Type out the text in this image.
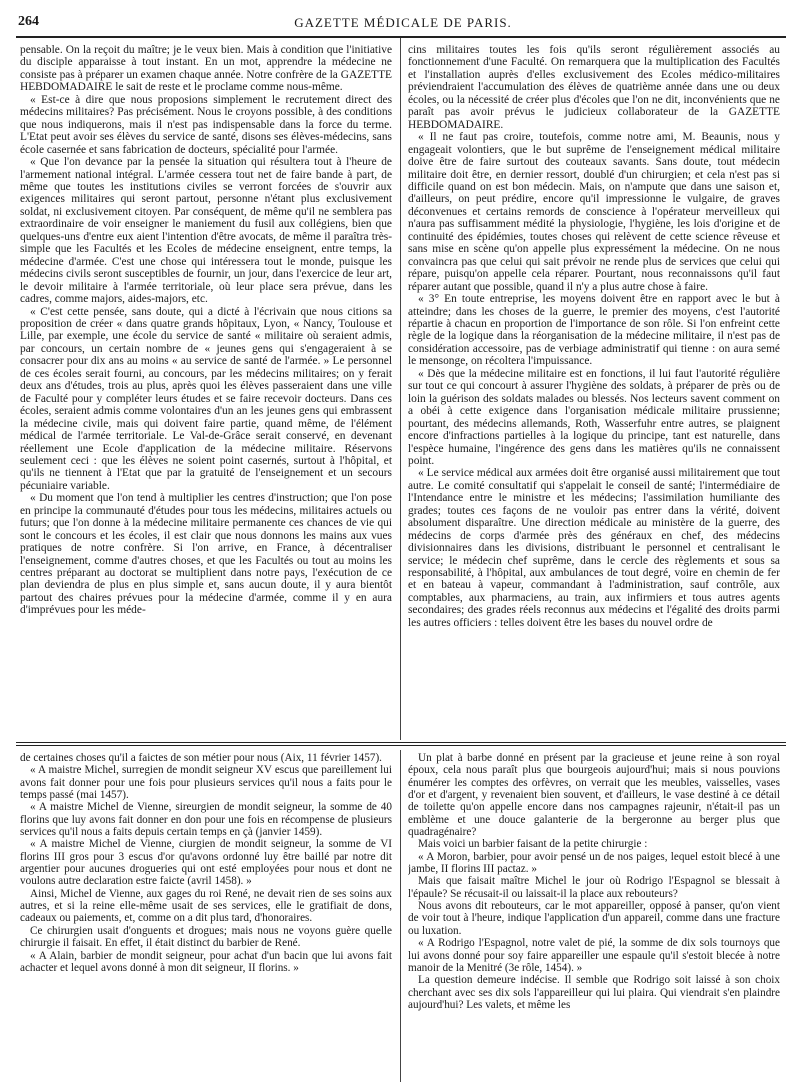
264	GAZETTE MÉDICALE DE PARIS.

pensable. On la reçoit du maître; je le veux bien. Mais à condition que l'initiative du disciple apparaisse à tout instant. En un mot, apprendre la médecine ne consiste pas à préparer un examen chaque année. Notre confrère de la GAZETTE HEBDOMADAIRE le sait de reste et le proclame comme nous-même.

« Est-ce à dire que nous proposions simplement le recrutement direct des médecins militaires? Pas précisément. Nous le croyons possible, à des conditions que nous indiquerons, mais il n'est pas indispensable dans la force du terme. L'Etat peut avoir ses élèves du service de santé, disons ses élèves-médecins, sans école casernée et sans fabrication de docteurs, spécialité pour l'armée.

« Que l'on devance par la pensée la situation qui résultera tout à l'heure de l'armement national intégral. L'armée cessera tout net de faire bande à part, de même que toutes les institutions civiles se verront forcées de s'ouvrir aux exigences militaires qui seront partout, personne n'étant plus exclusivement soldat, ni exclusivement citoyen. Par conséquent, de même qu'il ne semblera pas extraordinaire de voir enseigner le maniement du fusil aux collégiens, bien que quelques-uns d'entre eux aient l'intention d'être avocats, de même il paraîtra très-simple que les Facultés et les Ecoles de médecine enseignent, entre temps, la médecine d'armée. C'est une chose qui intéressera tout le monde, puisque les médecins civils seront susceptibles de fournir, un jour, dans l'exercice de leur art, le devoir militaire à l'armée territoriale, où leur place sera prévue, dans les cadres, comme majors, aides-majors, etc.

« C'est cette pensée, sans doute, qui a dicté à l'écrivain que nous citions sa proposition de créer « dans quatre grands hôpitaux, Lyon, « Nancy, Toulouse et Lille, par exemple, une école du service de santé « militaire où seraient admis, par concours, un certain nombre de « jeunes gens qui s'engageraient à se consacrer pour dix ans au moins « au service de santé de l'armée. » Le personnel de ces écoles serait fourni, au concours, par les médecins militaires; on y ferait deux ans d'études, trois au plus, après quoi les élèves passeraient dans une ville de Faculté pour y compléter leurs études et se faire recevoir docteurs. Dans ces écoles, seraient admis comme volontaires d'un an les jeunes gens qui embrassent la médecine civile, mais qui doivent faire partie, quand même, de l'élément médical de l'armée territoriale. Le Val-de-Grâce serait conservé, en devenant réellement une Ecole d'application de la médecine militaire. Réservons seulement ceci : que les élèves ne soient point casernés, surtout à l'hôpital, et qu'ils ne tiennent à l'Etat que par la gratuité de l'enseignement et un secours pécuniaire variable.

« Du moment que l'on tend à multiplier les centres d'instruction; que l'on pose en principe la communauté d'études pour tous les médecins, militaires actuels ou futurs; que l'on donne à la médecine militaire permanente ces chances de vie qui sont le concours et les écoles, il est clair que nous donnons les mains aux vues pratiques de notre confrère. Si l'on arrive, en France, à décentraliser l'enseignement, comme d'autres choses, et que les Facultés ou tout au moins les centres préparant au doctorat se multiplient dans notre pays, l'exécution de ce plan deviendra de plus en plus simple et, sans aucun doute, il y aura bientôt partout des chaires prévues pour la médecine d'armée, comme il y en aura d'imprévues pour les méde-

cins militaires toutes les fois qu'ils seront régulièrement associés au fonctionnement d'une Faculté. On remarquera que la multiplication des Facultés et l'installation auprès d'elles exclusivement des Ecoles médico-militaires préviendraient l'accumulation des élèves de quatrième année dans une ou deux écoles, ou la nécessité de créer plus d'écoles que l'on ne dit, inconvénients que ne paraît pas avoir prévus le judicieux collaborateur de la GAZETTE HEBDOMADAIRE.

« Il ne faut pas croire, toutefois, comme notre ami, M. Beaunis, nous y engageait volontiers, que le but suprême de l'enseignement médical militaire doive être de faire surtout des couteaux savants. Sans doute, tout médecin militaire doit être, en dernier ressort, doublé d'un chirurgien; et cela n'est pas si difficile quand on est bon médecin. Mais, on n'ampute que dans une saison et, d'ailleurs, on peut prédire, encore qu'il impressionne le vulgaire, de graves déconvenues et certains remords de conscience à l'opérateur merveilleux qui n'aura pas suffisamment médité la physiologie, l'hygiène, les lois d'origine et de continuité des épidémies, toutes choses qui relèvent de cette science rêveuse et sans mise en scène qu'on appelle plus expressément la médecine. On ne nous convaincra pas que celui qui sait prévoir ne rende plus de services que celui qui répare, puisqu'on appelle cela réparer. Pourtant, nous reconnaissons qu'il faut réparer autant que possible, quand il n'y a plus autre chose à faire.

« 3° En toute entreprise, les moyens doivent être en rapport avec le but à atteindre; dans les choses de la guerre, le premier des moyens, c'est l'autorité répartie à chacun en proportion de l'importance de son rôle. Si l'on enfreint cette règle de la logique dans la réorganisation de la médecine militaire, il n'est pas de considération accessoire, pas de verbiage administratif qui tienne : on aura semé le mensonge, on récoltera l'impuissance.

« Dès que la médecine militaire est en fonctions, il lui faut l'autorité régulière sur tout ce qui concourt à assurer l'hygiène des soldats, à préparer de près ou de loin la guérison des soldats malades ou blessés. Nos lecteurs savent comment on a obéi à cette exigence dans l'organisation médicale militaire prussienne; pourtant, des médecins allemands, Roth, Wasserfuhr entre autres, se plaignent encore d'infractions partielles à la logique du principe, tant est naturelle, dans l'espèce humaine, l'ingérence des gens dans les matières qu'ils ne connaissent point.

« Le service médical aux armées doit être organisé aussi militairement que tout autre. Le comité consultatif qui s'appelait le conseil de santé; l'intermédiaire de l'Intendance entre le ministre et les médecins; l'assimilation humiliante des grades; toutes ces façons de ne vouloir pas entrer dans la vérité, doivent absolument disparaître. Une direction médicale au ministère de la guerre, des médecins de corps d'armée près des généraux en chef, des médecins divisionnaires dans les divisions, distribuant le personnel et centralisant le service; le médecin chef suprême, dans le cercle des règlements et sous sa responsabilité, à l'hôpital, aux ambulances de tout degré, voire en chemin de fer et en bateau à vapeur, commandant à l'administration, sauf contrôle, aux comptables, aux pharmaciens, au train, aux infirmiers et tous autres agents secondaires; des grades réels reconnus aux médecins et l'égalité des droits parmi les autres officiers : telles doivent être les bases du nouvel ordre de

de certaines choses qu'il a faictes de son métier pour nous (Aix, 11 février 1457).

« A maistre Michel, surregien de mondit seigneur XV escus que pareillement lui avons fait donner pour une fois pour plusieurs services qu'il nous a faits pour le temps passé (mai 1457).

« A maistre Michel de Vienne, sireurgien de mondit seigneur, la somme de 40 florins que luy avons fait donner en don pour une fois en récompense de plusieurs services qu'il nous a faits depuis certain temps en çà (janvier 1459).

« A maistre Michel de Vienne, ciurgien de mondit seigneur, la somme de VI florins III gros pour 3 escus d'or qu'avons ordonné luy être baillé par notre dit argentier pour aucunes drogueries qui ont esté employées pour nous et dont ne voulons autre declaration estre faicte (avril 1458). »

Ainsi, Michel de Vienne, aux gages du roi René, ne devait rien de ses soins aux autres, et si la reine elle-même usait de ses services, elle le gratifiait de dons, cadeaux ou paiements, et, comme on a dit plus tard, d'honoraires.

Ce chirurgien usait d'onguents et drogues; mais nous ne voyons guère quelle chirurgie il faisait. En effet, il était distinct du barbier de René.

« A Alain, barbier de mondit seigneur, pour achat d'un bacin que lui avons fait achacter et lequel avons donné à mon dit seigneur, II florins. »

Un plat à barbe donné en présent par la gracieuse et jeune reine à son royal époux, cela nous paraît plus que bourgeois aujourd'hui; mais si nous pouvions énumérer les comptes des orfèvres, on verrait que les meubles, vaisselles, vases d'or et d'argent, y revenaient bien souvent, et d'ailleurs, le vase destiné à ce détail de toilette qu'on appelle encore dans nos campagnes rajeunir, n'était-il pas un emblème et une douce galanterie de la bergeronne au berger plus que quadragénaire?

Mais voici un barbier faisant de la petite chirurgie :

« A Moron, barbier, pour avoir pensé un de nos paiges, lequel estoit blecé à une jambe, II florins III pactaz. »

Mais que faisait maître Michel le jour où Rodrigo l'Espagnol se blessait à l'épaule? Se récusait-il ou laissait-il la place aux rebouteurs?

Nous avons dit rebouteurs, car le mot appareiller, opposé à panser, qu'on vient de voir tout à l'heure, indique l'application d'un appareil, comme dans une fracture ou luxation.

« A Rodrigo l'Espagnol, notre valet de pié, la somme de dix sols tournoys que lui avons donné pour soy faire appareiller une espaule qu'il s'estoit blecée à notre manoir de la Menitré (3e rôle, 1454). »

La question demeure indécise. Il semble que Rodrigo soit laissé à son choix cherchant avec ses dix sols l'appareilleur qui lui plaira. Qui viendrait s'en plaindre aujourd'hui? Les valets, et même les
